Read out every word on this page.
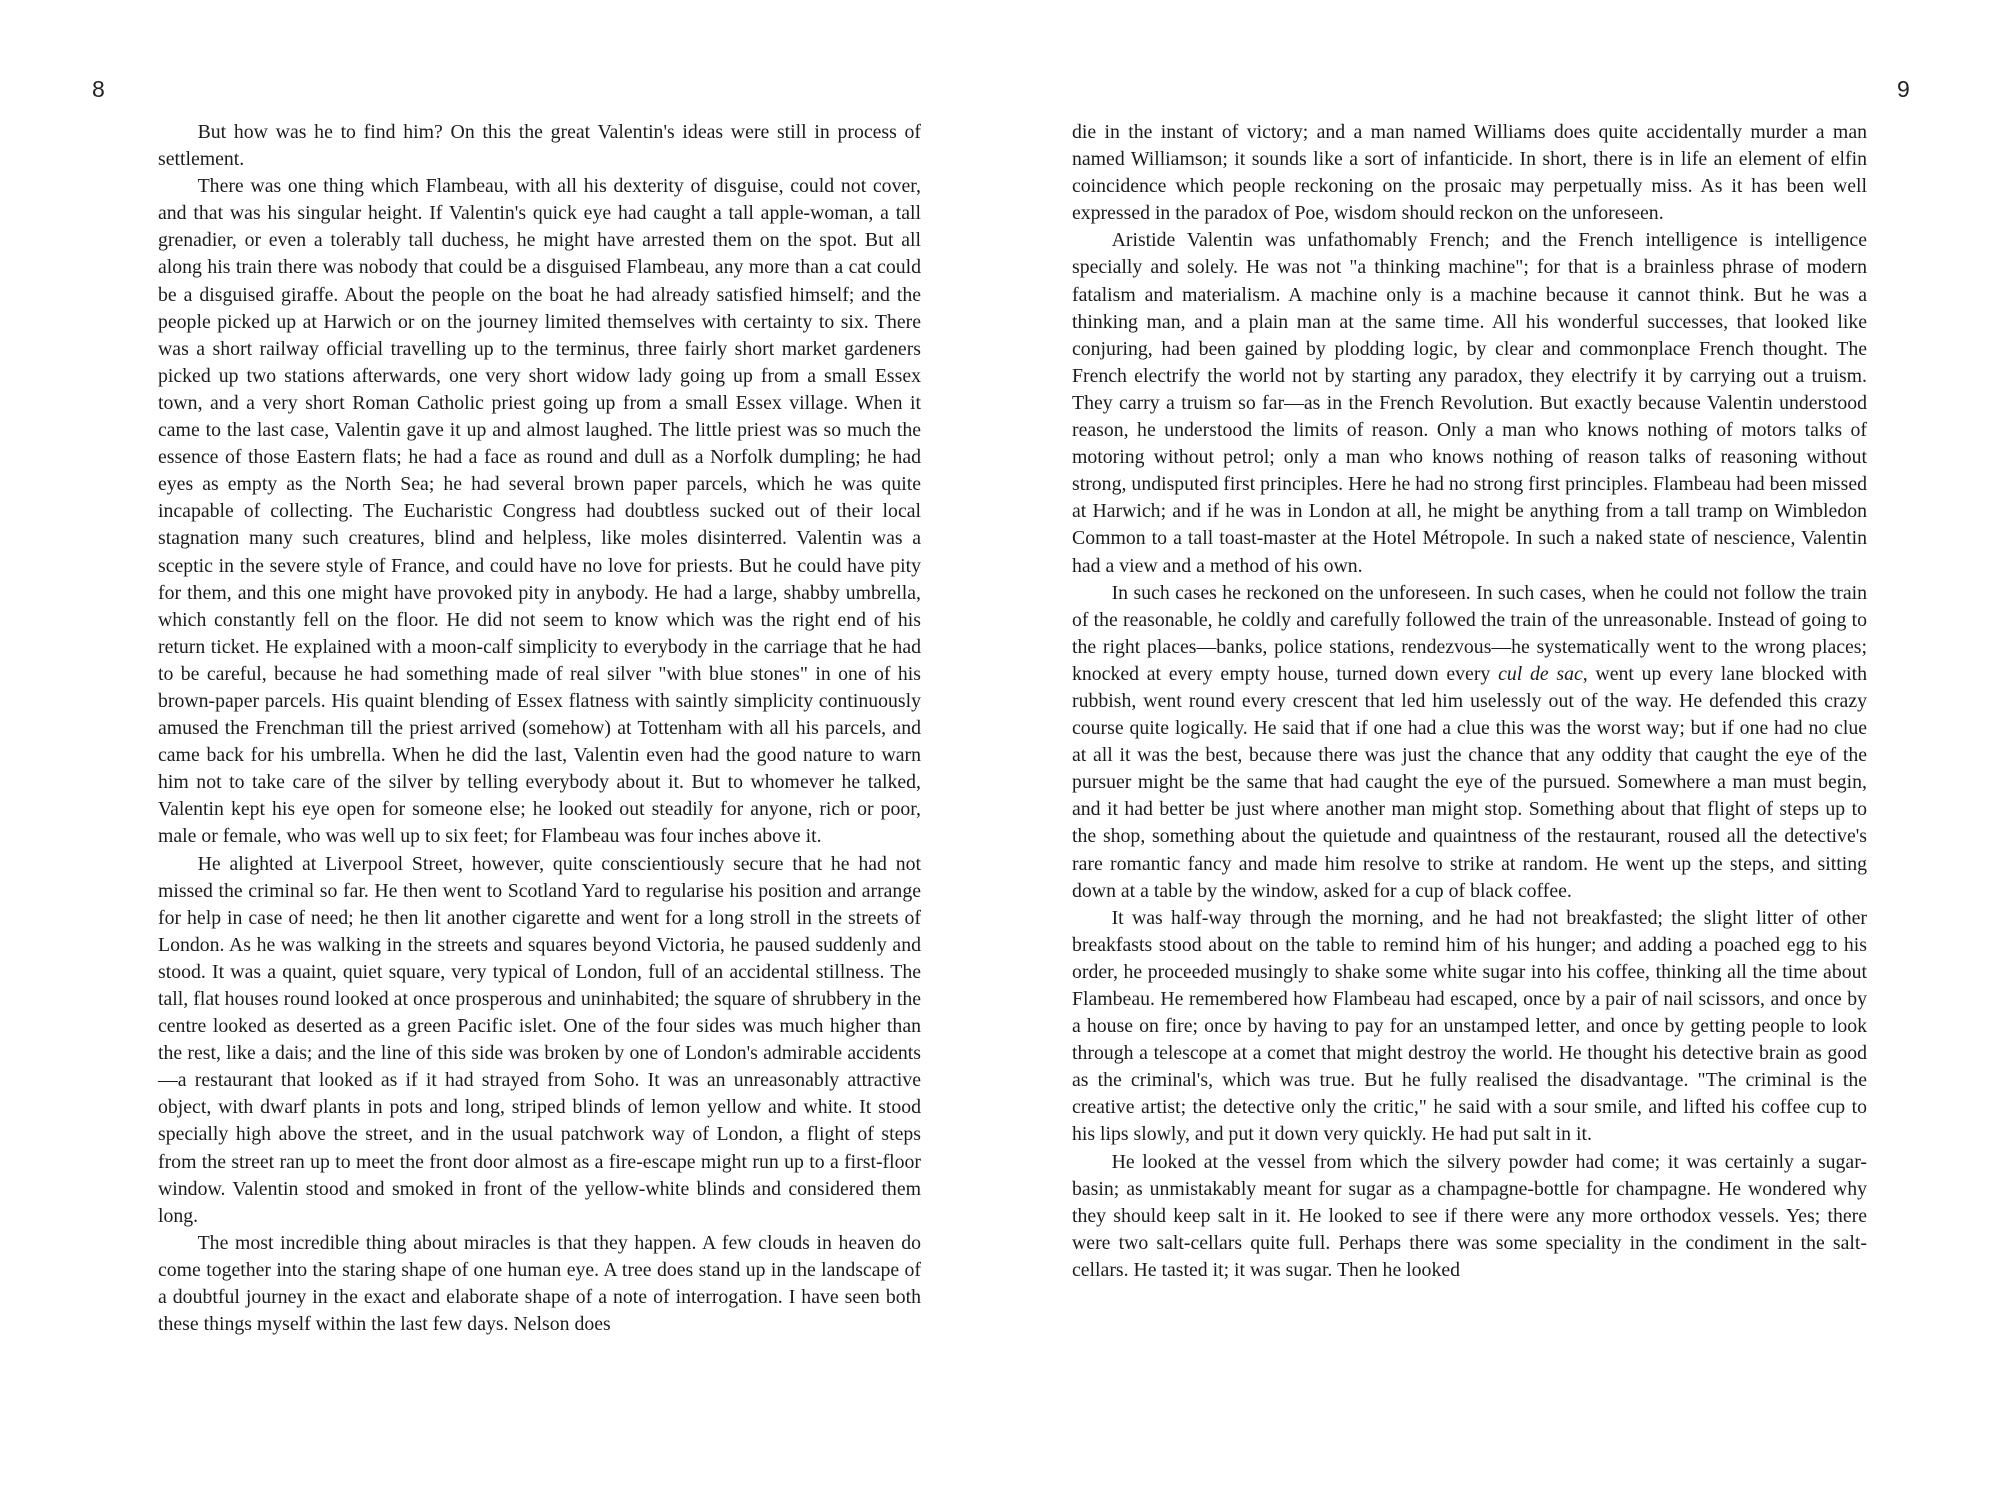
8	9

But how was he to find him? On this the great Valentin's ideas were still in process of settlement.

There was one thing which Flambeau, with all his dexterity of disguise, could not cover, and that was his singular height. If Valentin's quick eye had caught a tall apple-woman, a tall grenadier, or even a tolerably tall duchess, he might have arrested them on the spot. But all along his train there was nobody that could be a disguised Flambeau, any more than a cat could be a disguised giraffe. About the people on the boat he had already satisfied himself; and the people picked up at Harwich or on the journey limited themselves with certainty to six. There was a short railway official travelling up to the terminus, three fairly short market gardeners picked up two stations afterwards, one very short widow lady going up from a small Essex town, and a very short Roman Catholic priest going up from a small Essex village. When it came to the last case, Valentin gave it up and almost laughed. The little priest was so much the essence of those Eastern flats; he had a face as round and dull as a Norfolk dumpling; he had eyes as empty as the North Sea; he had several brown paper parcels, which he was quite incapable of collecting. The Eucharistic Congress had doubtless sucked out of their local stagnation many such creatures, blind and helpless, like moles disinterred. Valentin was a sceptic in the severe style of France, and could have no love for priests. But he could have pity for them, and this one might have provoked pity in anybody. He had a large, shabby umbrella, which constantly fell on the floor. He did not seem to know which was the right end of his return ticket. He explained with a moon-calf simplicity to everybody in the carriage that he had to be careful, because he had something made of real silver "with blue stones" in one of his brown-paper parcels. His quaint blending of Essex flatness with saintly simplicity continuously amused the Frenchman till the priest arrived (somehow) at Tottenham with all his parcels, and came back for his umbrella. When he did the last, Valentin even had the good nature to warn him not to take care of the silver by telling everybody about it. But to whomever he talked, Valentin kept his eye open for someone else; he looked out steadily for anyone, rich or poor, male or female, who was well up to six feet; for Flambeau was four inches above it.

He alighted at Liverpool Street, however, quite conscientiously secure that he had not missed the criminal so far. He then went to Scotland Yard to regularise his position and arrange for help in case of need; he then lit another cigarette and went for a long stroll in the streets of London. As he was walking in the streets and squares beyond Victoria, he paused suddenly and stood. It was a quaint, quiet square, very typical of London, full of an accidental stillness. The tall, flat houses round looked at once prosperous and uninhabited; the square of shrubbery in the centre looked as deserted as a green Pacific islet. One of the four sides was much higher than the rest, like a dais; and the line of this side was broken by one of London's admirable accidents—a restaurant that looked as if it had strayed from Soho. It was an unreasonably attractive object, with dwarf plants in pots and long, striped blinds of lemon yellow and white. It stood specially high above the street, and in the usual patchwork way of London, a flight of steps from the street ran up to meet the front door almost as a fire-escape might run up to a first-floor window. Valentin stood and smoked in front of the yellow-white blinds and considered them long.

The most incredible thing about miracles is that they happen. A few clouds in heaven do come together into the staring shape of one human eye. A tree does stand up in the landscape of a doubtful journey in the exact and elaborate shape of a note of interrogation. I have seen both these things myself within the last few days. Nelson does

die in the instant of victory; and a man named Williams does quite accidentally murder a man named Williamson; it sounds like a sort of infanticide. In short, there is in life an element of elfin coincidence which people reckoning on the prosaic may perpetually miss. As it has been well expressed in the paradox of Poe, wisdom should reckon on the unforeseen.

Aristide Valentin was unfathomably French; and the French intelligence is intelligence specially and solely. He was not "a thinking machine"; for that is a brainless phrase of modern fatalism and materialism. A machine only is a machine because it cannot think. But he was a thinking man, and a plain man at the same time. All his wonderful successes, that looked like conjuring, had been gained by plodding logic, by clear and commonplace French thought. The French electrify the world not by starting any paradox, they electrify it by carrying out a truism. They carry a truism so far—as in the French Revolution. But exactly because Valentin understood reason, he understood the limits of reason. Only a man who knows nothing of motors talks of motoring without petrol; only a man who knows nothing of reason talks of reasoning without strong, undisputed first principles. Here he had no strong first principles. Flambeau had been missed at Harwich; and if he was in London at all, he might be anything from a tall tramp on Wimbledon Common to a tall toast-master at the Hotel Métropole. In such a naked state of nescience, Valentin had a view and a method of his own.

In such cases he reckoned on the unforeseen. In such cases, when he could not follow the train of the reasonable, he coldly and carefully followed the train of the unreasonable. Instead of going to the right places—banks, police stations, rendezvous—he systematically went to the wrong places; knocked at every empty house, turned down every cul de sac, went up every lane blocked with rubbish, went round every crescent that led him uselessly out of the way. He defended this crazy course quite logically. He said that if one had a clue this was the worst way; but if one had no clue at all it was the best, because there was just the chance that any oddity that caught the eye of the pursuer might be the same that had caught the eye of the pursued. Somewhere a man must begin, and it had better be just where another man might stop. Something about that flight of steps up to the shop, something about the quietude and quaintness of the restaurant, roused all the detective's rare romantic fancy and made him resolve to strike at random. He went up the steps, and sitting down at a table by the window, asked for a cup of black coffee.

It was half-way through the morning, and he had not breakfasted; the slight litter of other breakfasts stood about on the table to remind him of his hunger; and adding a poached egg to his order, he proceeded musingly to shake some white sugar into his coffee, thinking all the time about Flambeau. He remembered how Flambeau had escaped, once by a pair of nail scissors, and once by a house on fire; once by having to pay for an unstamped letter, and once by getting people to look through a telescope at a comet that might destroy the world. He thought his detective brain as good as the criminal's, which was true. But he fully realised the disadvantage. "The criminal is the creative artist; the detective only the critic," he said with a sour smile, and lifted his coffee cup to his lips slowly, and put it down very quickly. He had put salt in it.

He looked at the vessel from which the silvery powder had come; it was certainly a sugar-basin; as unmistakably meant for sugar as a champagne-bottle for champagne. He wondered why they should keep salt in it. He looked to see if there were any more orthodox vessels. Yes; there were two salt-cellars quite full. Perhaps there was some speciality in the condiment in the salt-cellars. He tasted it; it was sugar. Then he looked
